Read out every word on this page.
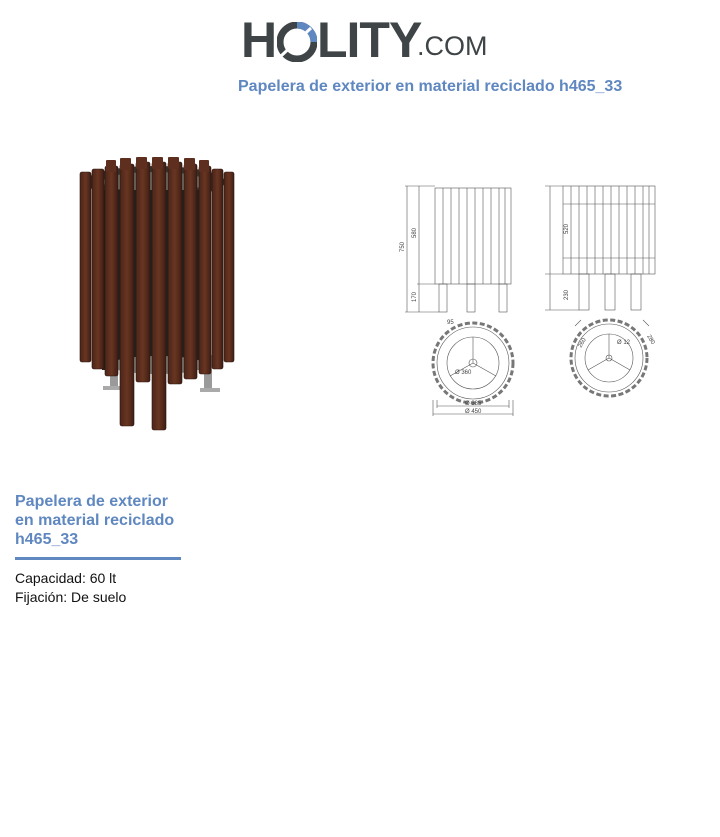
H LITY
.COM
Papelera de exterior en material reciclado h465_33
750
580
170
520
230
Ø 360
95
Ø 385
Ø 450
260	Ø 12	280
Papelera de exterior
en material reciclado
h465_33

Capacidad: 60 lt

Fijación: De suelo
